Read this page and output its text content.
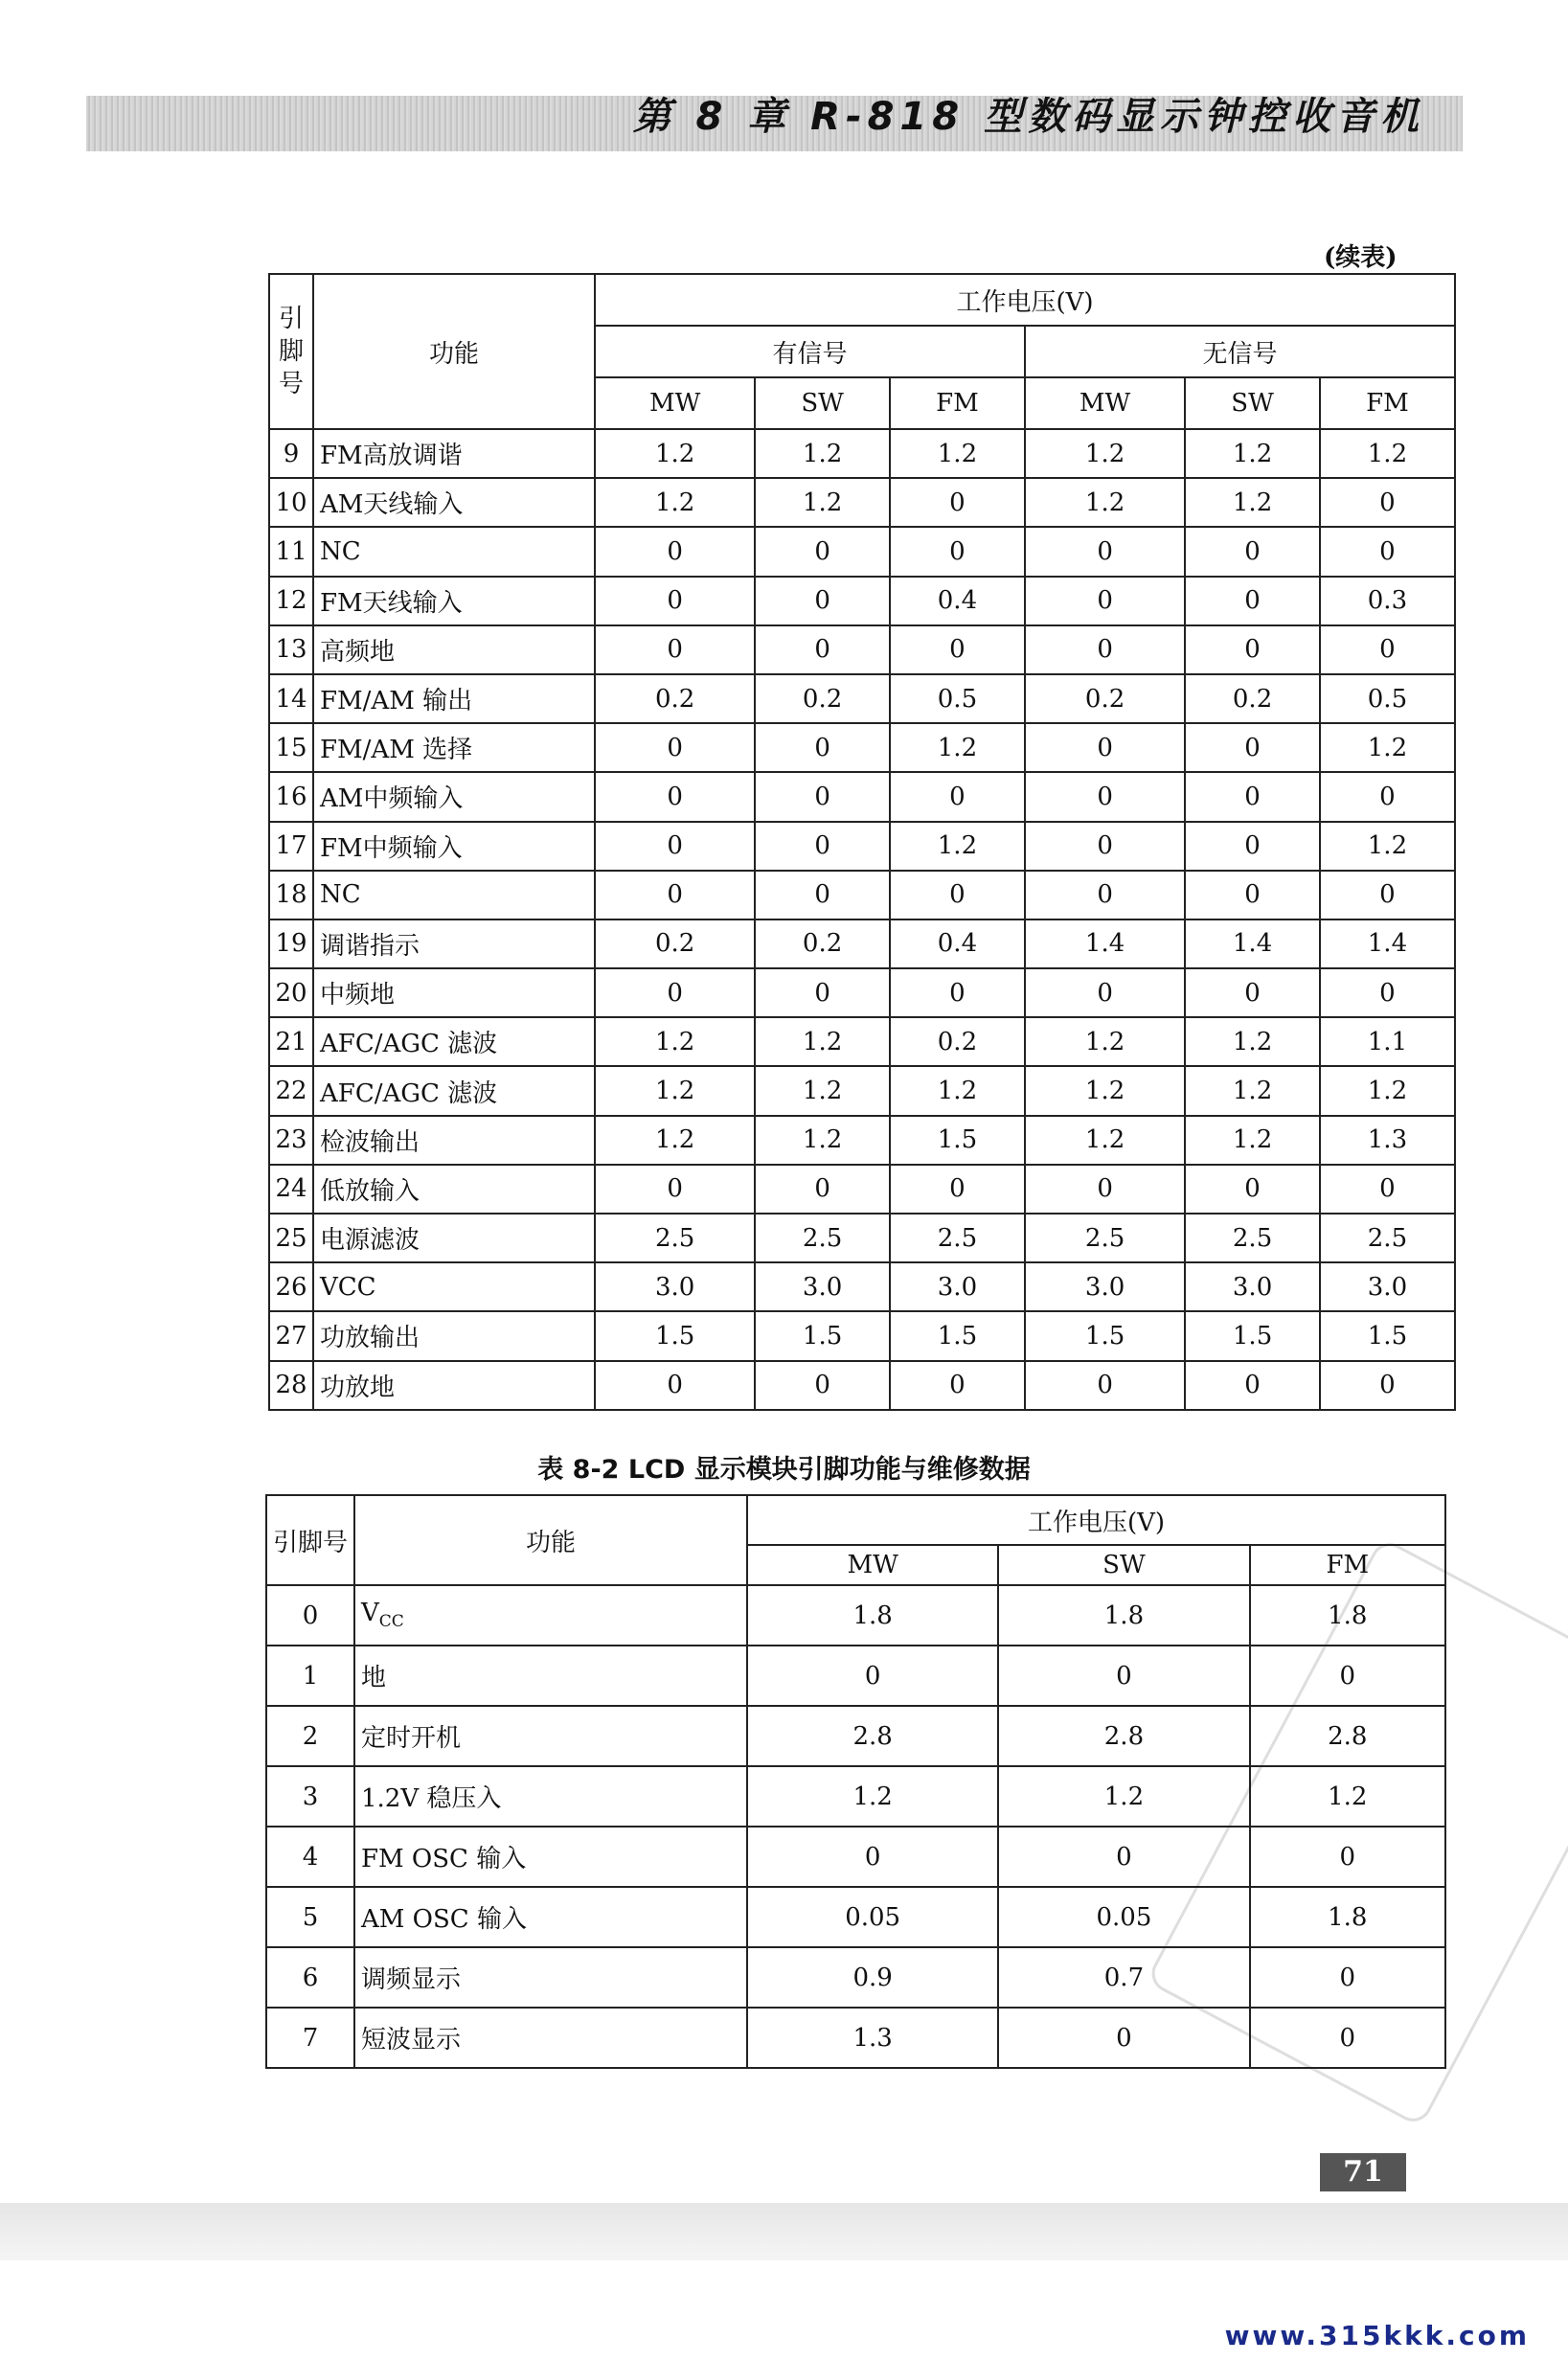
第 8 章 R-818 型数码显示钟控收音机
(续表)
引
脚
号	功能	工作电压(V)					
		有信号			无信号		
		MW	SW	FM	MW	SW	FM
9	FM高放调谐	1.2	1.2	1.2	1.2	1.2	1.2
10	AM天线输入	1.2	1.2	0	1.2	1.2	0
11	NC	0	0	0	0	0	0
12	FM天线输入	0	0	0.4	0	0	0.3
13	高频地	0	0	0	0	0	0
14	FM/AM 输出	0.2	0.2	0.5	0.2	0.2	0.5
15	FM/AM 选择	0	0	1.2	0	0	1.2
16	AM中频输入	0	0	0	0	0	0
17	FM中频输入	0	0	1.2	0	0	1.2
18	NC	0	0	0	0	0	0
19	调谐指示	0.2	0.2	0.4	1.4	1.4	1.4
20	中频地	0	0	0	0	0	0
21	AFC/AGC 滤波	1.2	1.2	0.2	1.2	1.2	1.1
22	AFC/AGC 滤波	1.2	1.2	1.2	1.2	1.2	1.2
23	检波输出	1.2	1.2	1.5	1.2	1.2	1.3
24	低放输入	0	0	0	0	0	0
25	电源滤波	2.5	2.5	2.5	2.5	2.5	2.5
26	VCC	3.0	3.0	3.0	3.0	3.0	3.0
27	功放输出	1.5	1.5	1.5	1.5	1.5	1.5
28	功放地	0	0	0	0	0	0
表 8-2 LCD 显示模块引脚功能与维修数据
引脚号	功能	工作电压(V)		
		MW	SW	FM
0	$V_{CC}$	1.8	1.8	1.8
1	地	0	0	0
2	定时开机	2.8	2.8	2.8
3	1.2V 稳压入	1.2	1.2	1.2
4	FM OSC 输入	0	0	0
5	AM OSC 输入	0.05	0.05	1.8
6	调频显示	0.9	0.7	0
7	短波显示	1.3	0	0
71
www.315kkk.com
